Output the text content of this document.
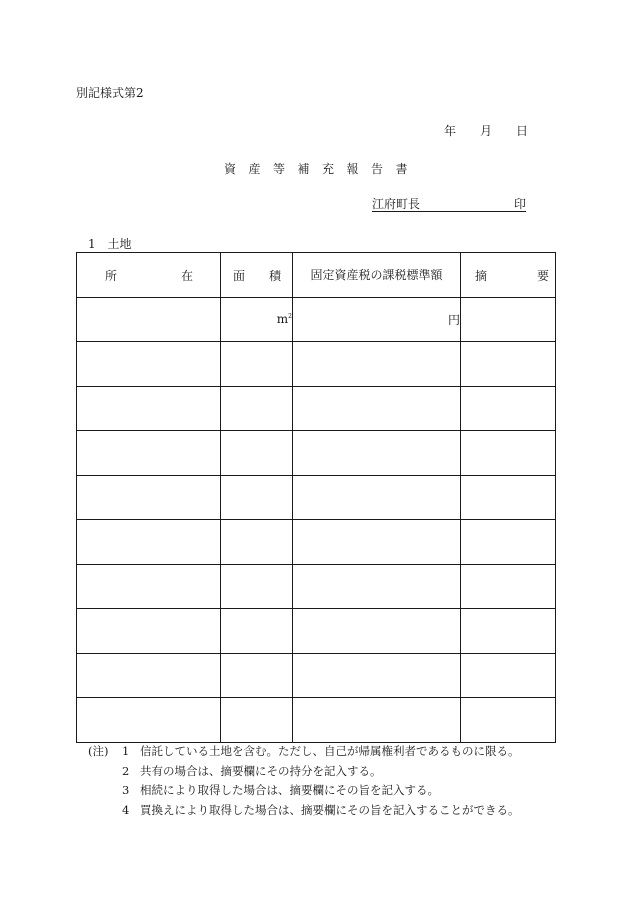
別記様式第2
年 月 日
資産等補充報告書
江府町長	印
1 土地
所 在	面 積	固定資産税の課税標準額	摘 要

	$m^2$	円	

(注) 1 信託している土地を含む。ただし、自己が帰属権利者であるものに限る。
2 共有の場合は、摘要欄にその持分を記入する。
3 相続により取得した場合は、摘要欄にその旨を記入する。
4 買換えにより取得した場合は、摘要欄にその旨を記入することができる。
